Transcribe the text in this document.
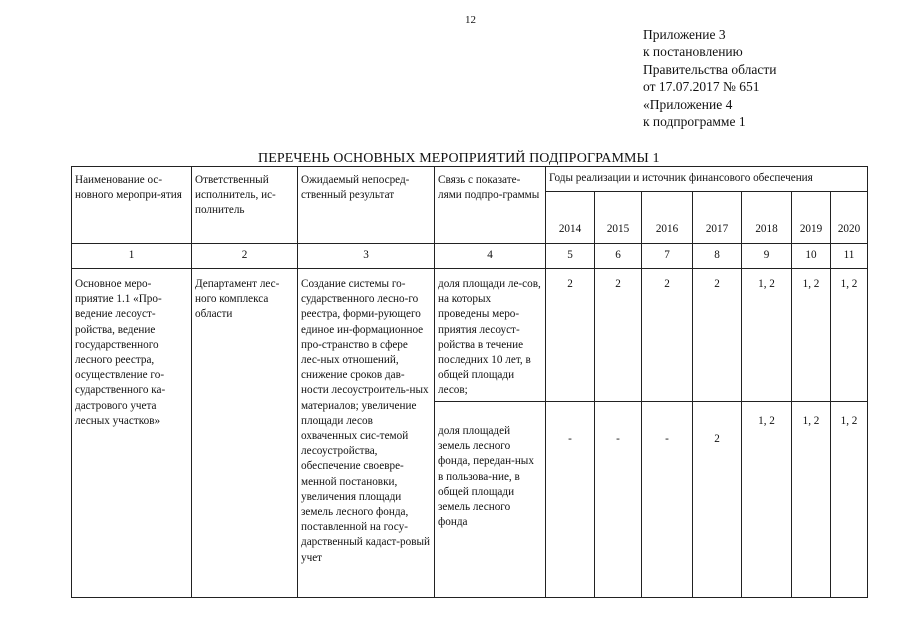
12
Приложение 3
к постановлению
Правительства области
от 17.07.2017 № 651
«Приложение 4
к подпрограмме 1
ПЕРЕЧЕНЬ ОСНОВНЫХ МЕРОПРИЯТИЙ ПОДПРОГРАММЫ 1
Наименование ос-новного меропри-ятия	Ответственный исполнитель, ис-полнитель	Ожидаемый непосред-ственный результат	Связь с показате-лями подпро-граммы	Годы реализации и источник финансового обеспечения						
				2014	2015	2016	2017	2018	2019	2020
1	2	3	4	5	6	7	8	9	10	11
Основное меро-приятие 1.1 «Про-ведение лесоуст-ройства, ведение государственного лесного реестра, осуществление го-сударственного ка-дастрового учета лесных участков»	Департамент лес-ного комплекса области	Создание системы го-сударственного лесно-го реестра, форми-рующего единое ин-формационное про-странство в сфере лес-ных отношений, снижение сроков дав-ности лесоустроитель-ных материалов; увеличение площади лесов охваченных сис-темой лесоустройства, обеспечение своевре-менной постановки, увеличения площади земель лесного фонда, поставленной на госу-дарственный кадаст-ровый учет	доля площади ле-сов, на которых проведены меро-приятия лесоуст-ройства в течение последних 10 лет, в общей площади лесов;	2	2	2	2	1, 2	1, 2	1, 2
			доля площадей земель лесного фонда, передан-ных в пользова-ние, в общей площади земель лесного фонда	-	-	-	2	1, 2	1, 2	1, 2
